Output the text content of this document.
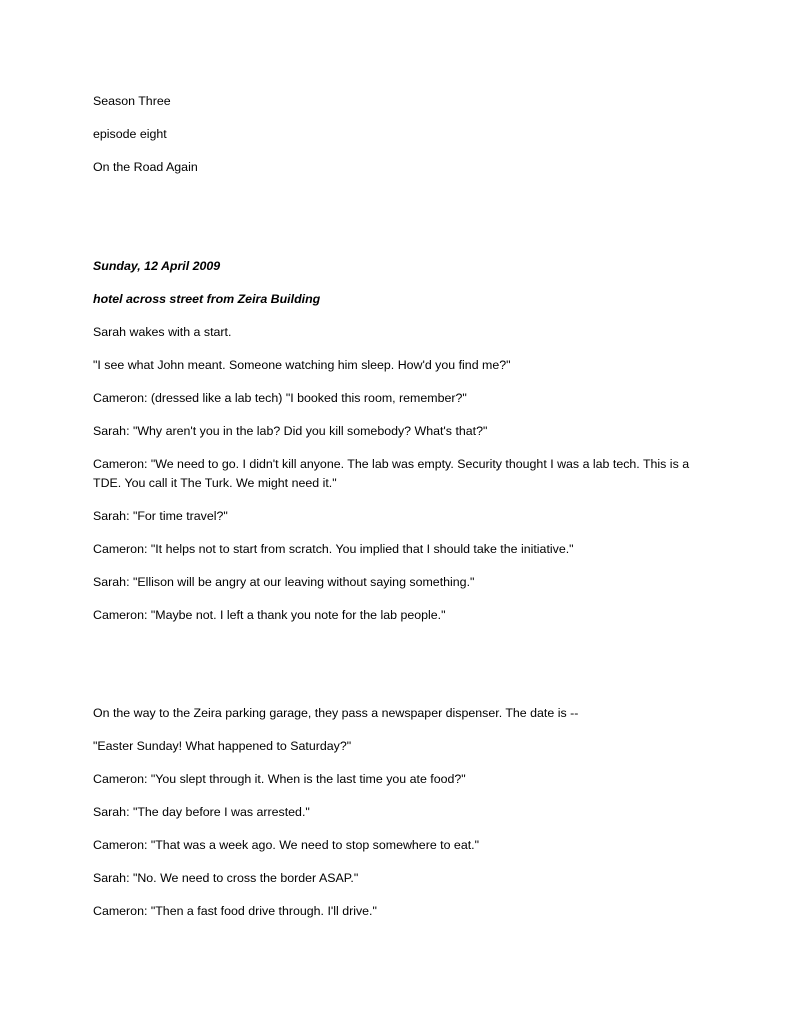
Season Three
episode eight
On the Road Again
Sunday, 12 April 2009
hotel across street from Zeira Building
Sarah wakes with a start.
"I see what John meant. Someone watching him sleep. How'd you find me?"
Cameron: (dressed like a lab tech) "I booked this room, remember?"
Sarah: "Why aren't you in the lab? Did you kill somebody? What's that?"
Cameron: "We need to go. I didn't kill anyone. The lab was empty. Security thought I was a lab tech. This is a TDE. You call it The Turk. We might need it."
Sarah: "For time travel?"
Cameron: "It helps not to start from scratch. You implied that I should take the initiative."
Sarah: "Ellison will be angry at our leaving without saying something."
Cameron: "Maybe not. I left a thank you note for the lab people."
On the way to the Zeira parking garage, they pass a newspaper dispenser. The date is --
"Easter Sunday! What happened to Saturday?"
Cameron: "You slept through it. When is the last time you ate food?"
Sarah: "The day before I was arrested."
Cameron: "That was a week ago. We need to stop somewhere to eat."
Sarah: "No. We need to cross the border ASAP."
Cameron: "Then a fast food drive through. I'll drive."
